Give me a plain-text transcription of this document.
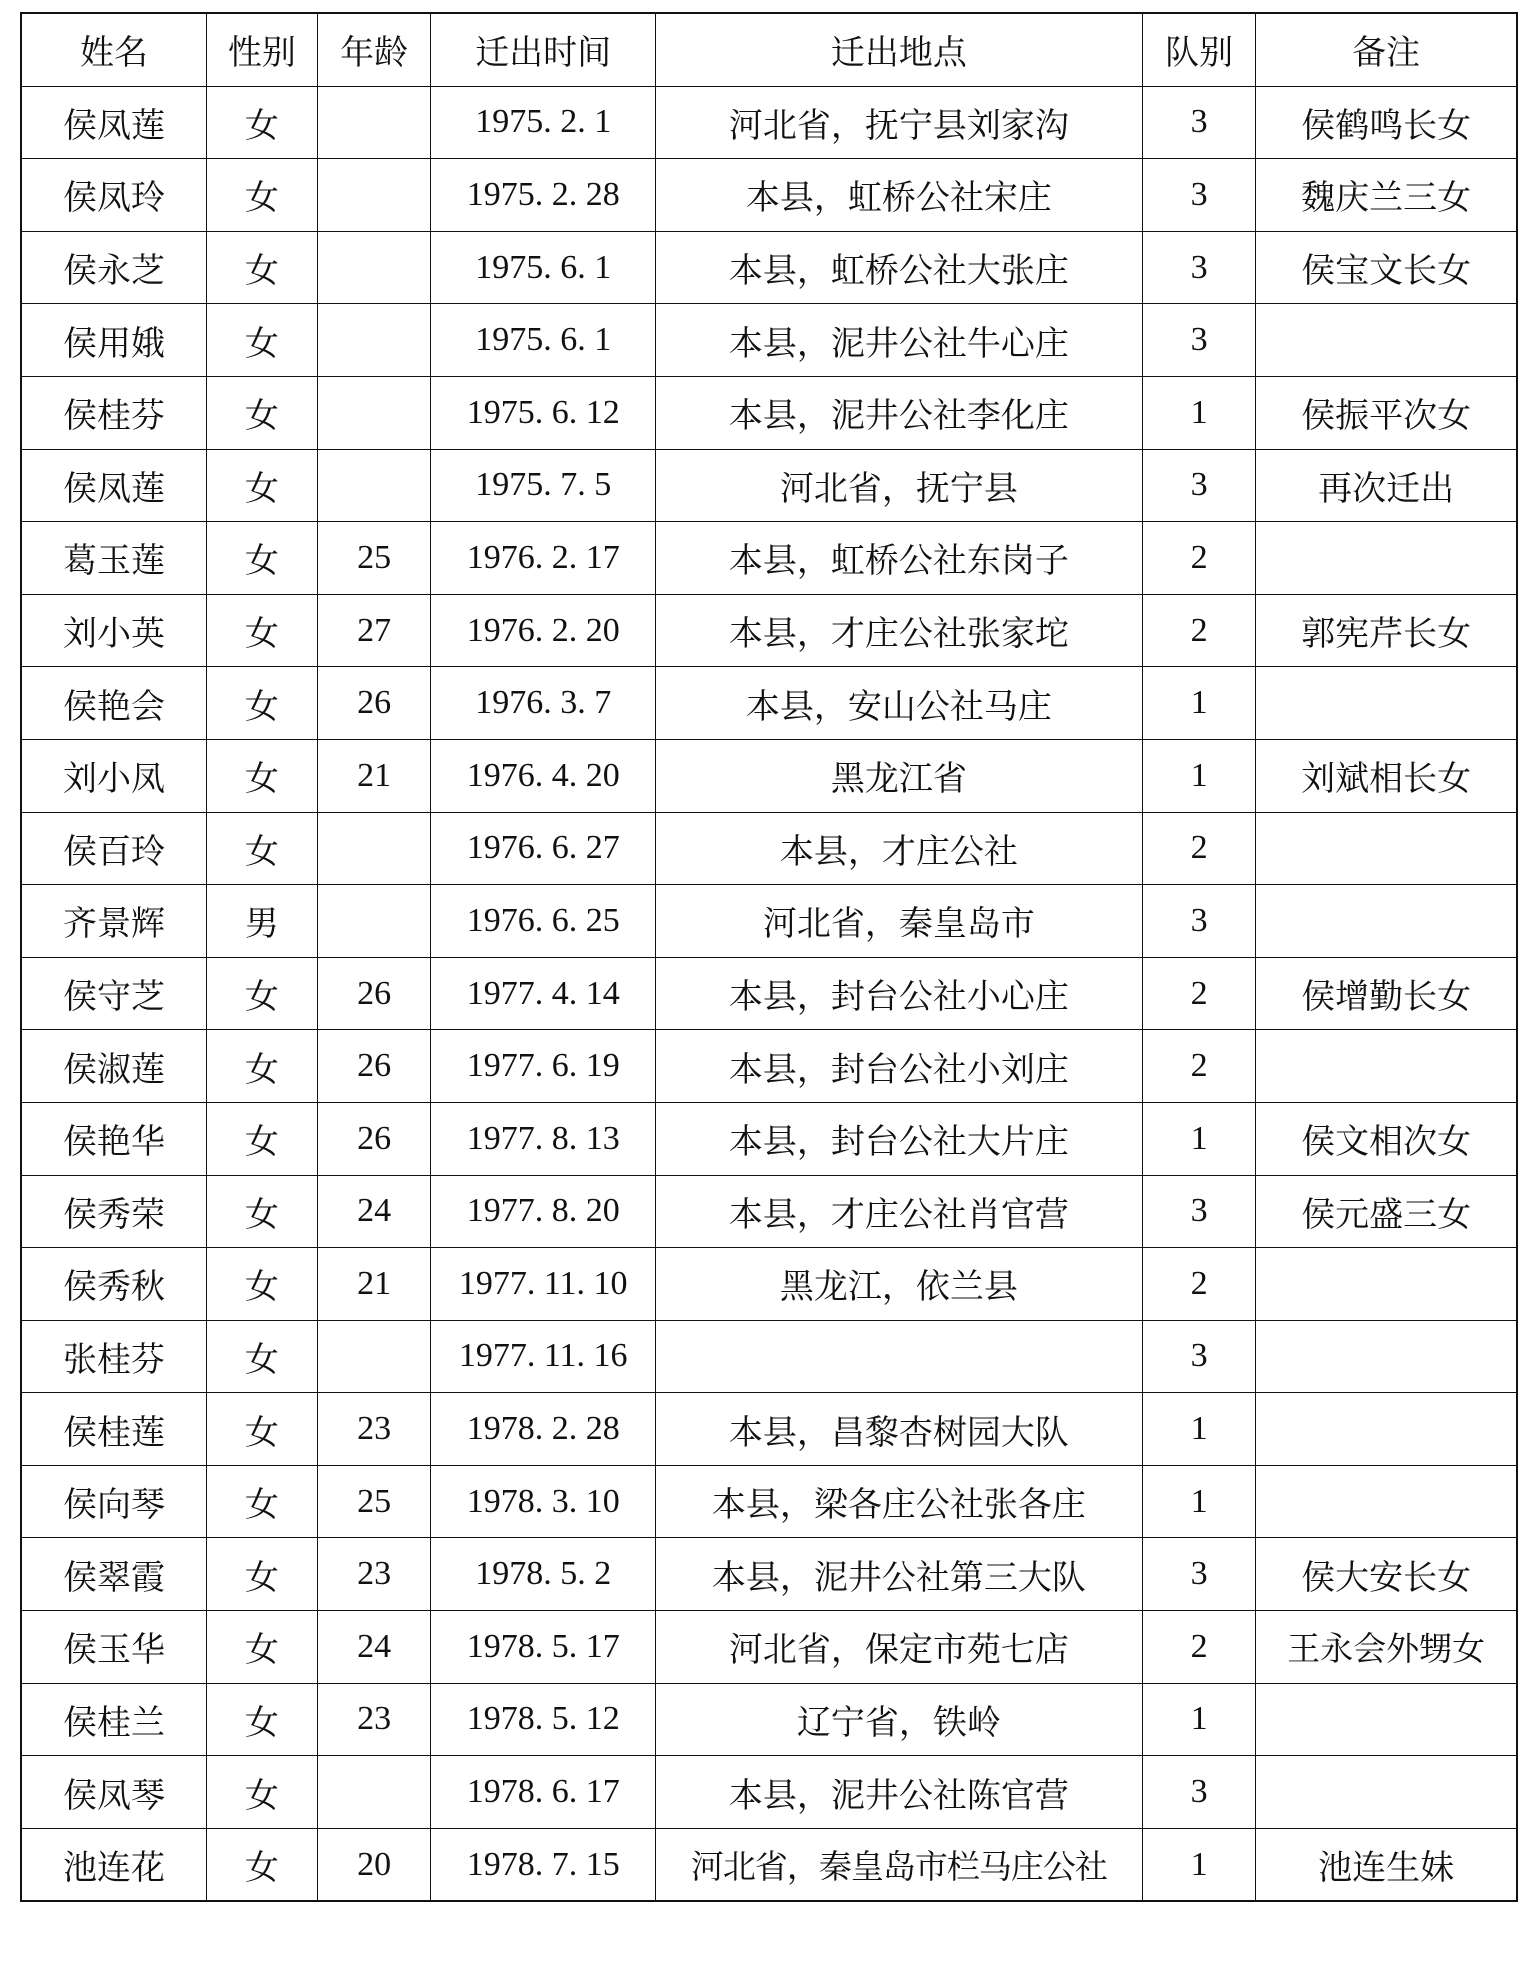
姓名	性别	年龄	迁出时间	迁出地点	队别	备注
侯凤莲	女		1975. 2. 1	河北省，抚宁县刘家沟	3	侯鹤鸣长女
侯凤玲	女		1975. 2. 28	本县，虹桥公社宋庄	3	魏庆兰三女
侯永芝	女		1975. 6. 1	本县，虹桥公社大张庄	3	侯宝文长女
侯用娥	女		1975. 6. 1	本县，泥井公社牛心庄	3	
侯桂芬	女		1975. 6. 12	本县，泥井公社李化庄	1	侯振平次女
侯凤莲	女		1975. 7. 5	河北省，抚宁县	3	再次迁出
葛玉莲	女	25	1976. 2. 17	本县，虹桥公社东岗子	2	
刘小英	女	27	1976. 2. 20	本县，才庄公社张家坨	2	郭宪芹长女
侯艳会	女	26	1976. 3. 7	本县，安山公社马庄	1	
刘小凤	女	21	1976. 4. 20	黑龙江省	1	刘斌相长女
侯百玲	女		1976. 6. 27	本县，才庄公社	2	
齐景辉	男		1976. 6. 25	河北省，秦皇岛市	3	
侯守芝	女	26	1977. 4. 14	本县，封台公社小心庄	2	侯增勤长女
侯淑莲	女	26	1977. 6. 19	本县，封台公社小刘庄	2	
侯艳华	女	26	1977. 8. 13	本县，封台公社大片庄	1	侯文相次女
侯秀荣	女	24	1977. 8. 20	本县，才庄公社肖官营	3	侯元盛三女
侯秀秋	女	21	1977. 11. 10	黑龙江，依兰县	2	
张桂芬	女		1977. 11. 16		3	
侯桂莲	女	23	1978. 2. 28	本县，昌黎杏树园大队	1	
侯向琴	女	25	1978. 3. 10	本县，梁各庄公社张各庄	1	
侯翠霞	女	23	1978. 5. 2	本县，泥井公社第三大队	3	侯大安长女
侯玉华	女	24	1978. 5. 17	河北省，保定市苑七店	2	王永会外甥女
侯桂兰	女	23	1978. 5. 12	辽宁省，铁岭	1	
侯凤琴	女		1978. 6. 17	本县，泥井公社陈官营	3	
池连花	女	20	1978. 7. 15	河北省，秦皇岛市栏马庄公社	1	池连生妹
